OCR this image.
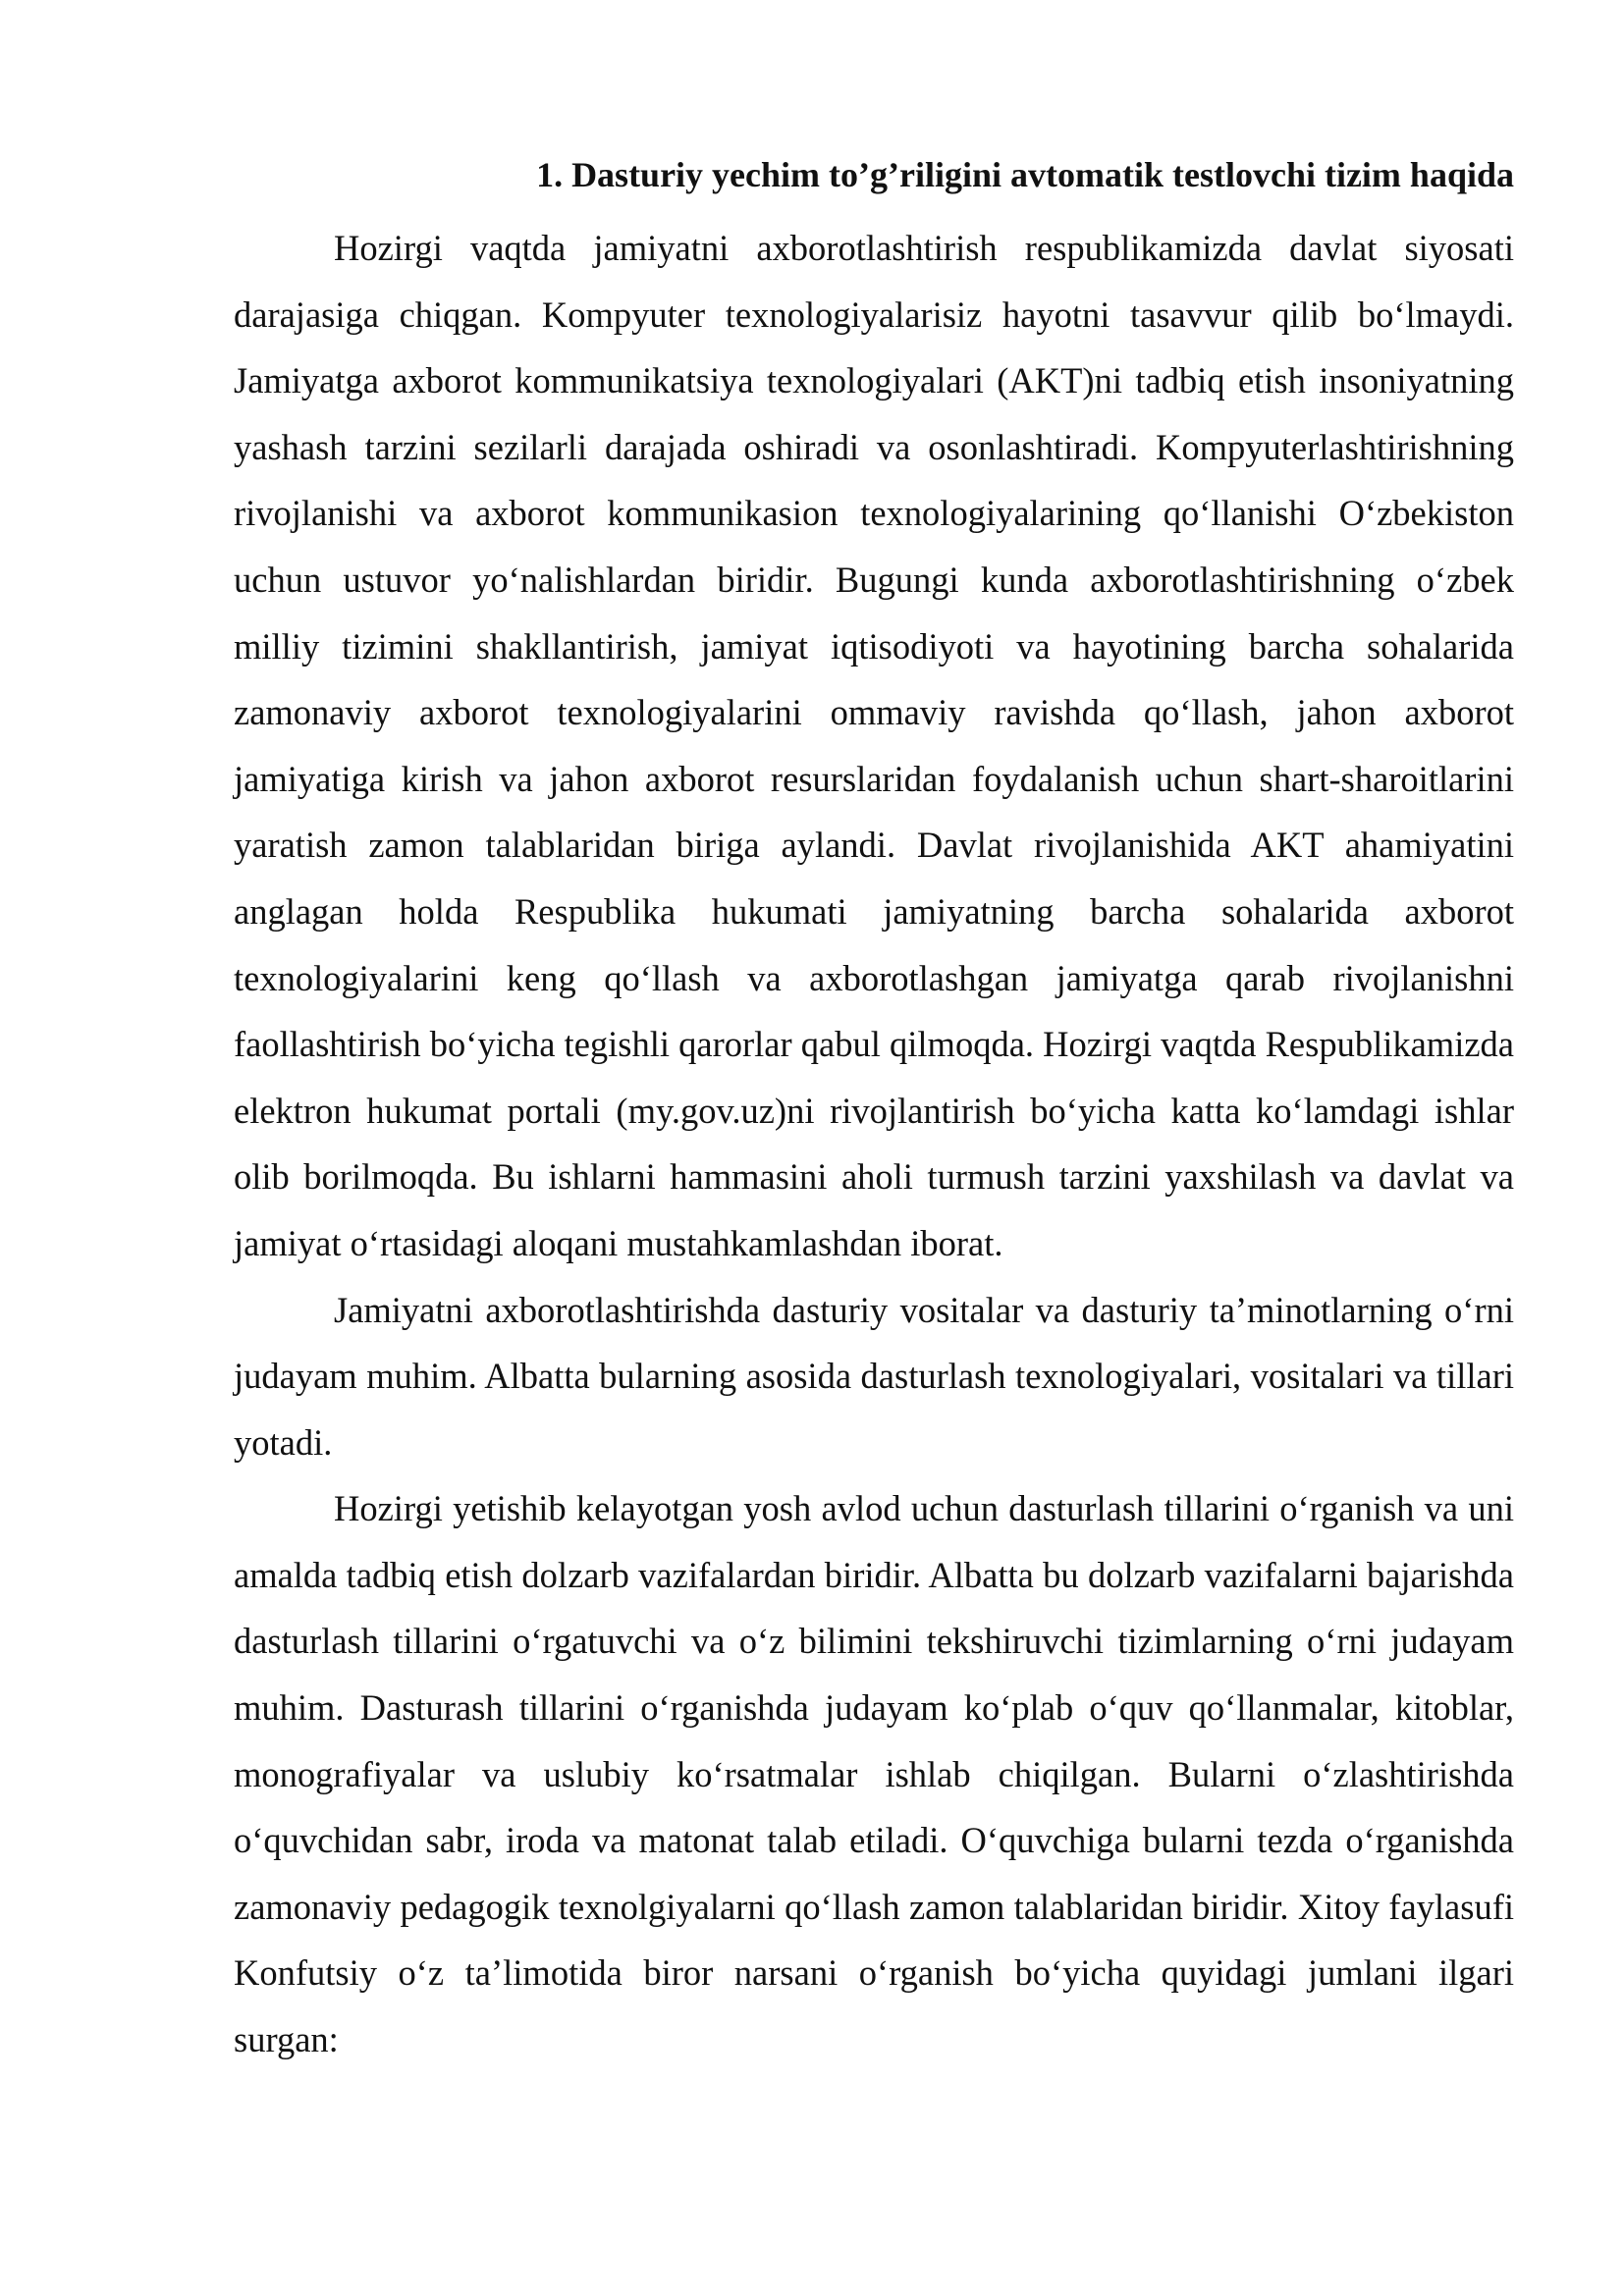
1. Dasturiy yechim to’g’riligini avtomatik testlovchi tizim haqida

Hozirgi vaqtda jamiyatni axborotlashtirish respublikamizda davlat siyosati darajasiga chiqgan. Kompyuter texnologiyalarisiz hayotni tasavvur qilib bo‘lmaydi. Jamiyatga axborot kommunikatsiya texnologiyalari (AKT)ni tadbiq etish insoniyatning yashash tarzini sezilarli darajada oshiradi va osonlashtiradi. Kompyuterlashtirishning rivojlanishi va axborot kommunikasion texnologiyalarining qo‘llanishi O‘zbekiston uchun ustuvor yo‘nalishlardan biridir. Bugungi kunda axborotlashtirishning o‘zbek milliy tizimini shakllantirish, jamiyat iqtisodiyoti va hayotining barcha sohalarida zamonaviy axborot texnologiyalarini ommaviy ravishda qo‘llash, jahon axborot jamiyatiga kirish va jahon axborot resurslaridan foydalanish uchun shart-sharoitlarini yaratish zamon talablaridan biriga aylandi. Davlat rivojlanishida AKT ahamiyatini anglagan holda Respublika hukumati jamiyatning barcha sohalarida axborot texnologiyalarini keng qo‘llash va axborotlashgan jamiyatga qarab rivojlanishni faollashtirish bo‘yicha tegishli qarorlar qabul qilmoqda. Hozirgi vaqtda Respublikamizda elektron hukumat portali (my.gov.uz)ni rivojlantirish bo‘yicha katta ko‘lamdagi ishlar olib borilmoqda. Bu ishlarni hammasini aholi turmush tarzini yaxshilash va davlat va jamiyat o‘rtasidagi aloqani mustahkamlashdan iborat.

Jamiyatni axborotlashtirishda dasturiy vositalar va dasturiy ta’minotlarning o‘rni judayam muhim. Albatta bularning asosida dasturlash texnologiyalari, vositalari va tillari yotadi.

Hozirgi yetishib kelayotgan yosh avlod uchun dasturlash tillarini o‘rganish va uni amalda tadbiq etish dolzarb vazifalardan biridir. Albatta bu dolzarb vazifalarni bajarishda dasturlash tillarini o‘rgatuvchi va o‘z bilimini tekshiruvchi tizimlarning o‘rni judayam muhim. Dasturash tillarini o‘rganishda judayam ko‘plab o‘quv qo‘llanmalar, kitoblar, monografiyalar va uslubiy ko‘rsatmalar ishlab chiqilgan. Bularni o‘zlashtirishda o‘quvchidan sabr, iroda va matonat talab etiladi. O‘quvchiga bularni tezda o‘rganishda zamonaviy pedagogik texnolgiyalarni qo‘llash zamon talablaridan biridir. Xitoy faylasufi Konfutsiy o‘z ta’limotida biror narsani o‘rganish bo‘yicha quyidagi jumlani ilgari surgan:
